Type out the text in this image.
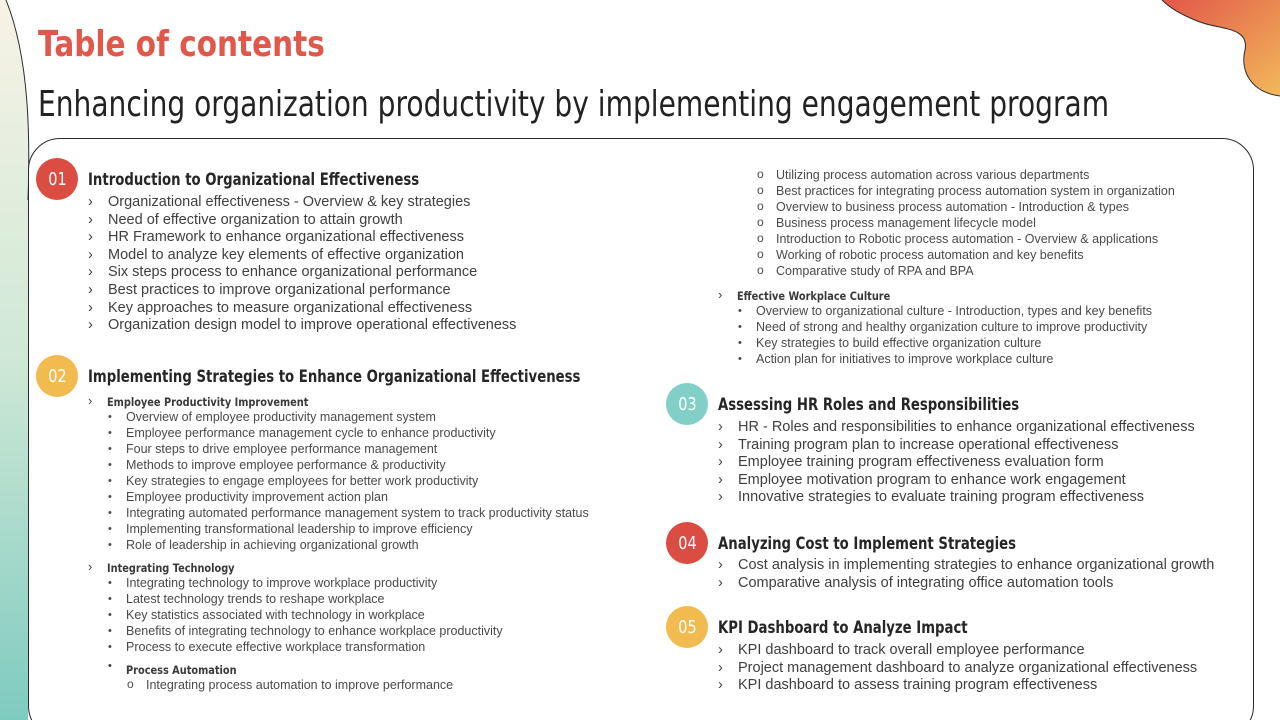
Table of contents
Enhancing organization productivity by implementing engagement program
01 Introduction to Organizational Effectiveness
› Organizational effectiveness - Overview & key strategies
› Need of effective organization to attain growth
› HR Framework to enhance organizational effectiveness
› Model to analyze key elements of effective organization
› Six steps process to enhance organizational performance
› Best practices to improve organizational performance
› Key approaches to measure organizational effectiveness
› Organization design model to improve operational effectiveness
02 Implementing Strategies to Enhance Organizational Effectiveness
› Employee Productivity Improvement
• Overview of employee productivity management system
• Employee performance management cycle to enhance productivity
• Four steps to drive employee performance management
• Methods to improve employee performance & productivity
• Key strategies to engage employees for better work productivity
• Employee productivity improvement action plan
• Integrating automated performance management system to track productivity status
• Implementing transformational leadership to improve efficiency
• Role of leadership in achieving organizational growth
› Integrating Technology
• Integrating technology to improve workplace productivity
• Latest technology trends to reshape workplace
• Key statistics associated with technology in workplace
• Benefits of integrating technology to enhance workplace productivity
• Process to execute effective workplace transformation
• Process Automation
o Integrating process automation to improve performance
o Utilizing process automation across various departments
o Best practices for integrating process automation system in organization
o Overview to business process automation - Introduction & types
o Business process management lifecycle model
o Introduction to Robotic process automation - Overview & applications
o Working of robotic process automation and key benefits
o Comparative study of RPA and BPA
› Effective Workplace Culture
• Overview to organizational culture - Introduction, types and key benefits
• Need of strong and healthy organization culture to improve productivity
• Key strategies to build effective organization culture
• Action plan for initiatives to improve workplace culture
03 Assessing HR Roles and Responsibilities
› HR - Roles and responsibilities to enhance organizational effectiveness
› Training program plan to increase operational effectiveness
› Employee training program effectiveness evaluation form
› Employee motivation program to enhance work engagement
› Innovative strategies to evaluate training program effectiveness
04 Analyzing Cost to Implement Strategies
› Cost analysis in implementing strategies to enhance organizational growth
› Comparative analysis of integrating office automation tools
05 KPI Dashboard to Analyze Impact
› KPI dashboard to track overall employee performance
› Project management dashboard to analyze organizational effectiveness
› KPI dashboard to assess training program effectiveness
